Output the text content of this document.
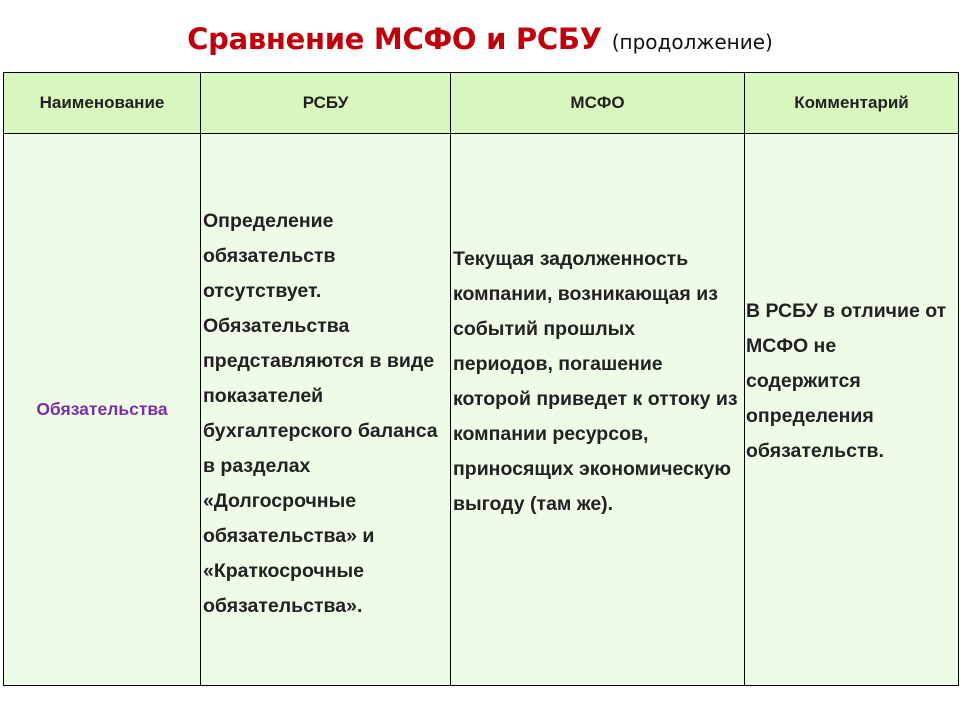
Сравнение МСФО и РСБУ (продолжение)
Наименование	РСБУ	МСФО	Комментарий
Обязательства	Определение обязательств отсутствует. Обязательства представляются в виде показателей бухгалтерского баланса в разделах «Долгосрочные обязательства» и «Краткосрочные обязательства».	Текущая задолженность компании, возникающая из событий прошлых периодов, погашение которой приведет к оттоку из компании ресурсов, приносящих экономическую выгоду (там же).	В РСБУ в отличие от МСФО не содержится определения обязательств.
